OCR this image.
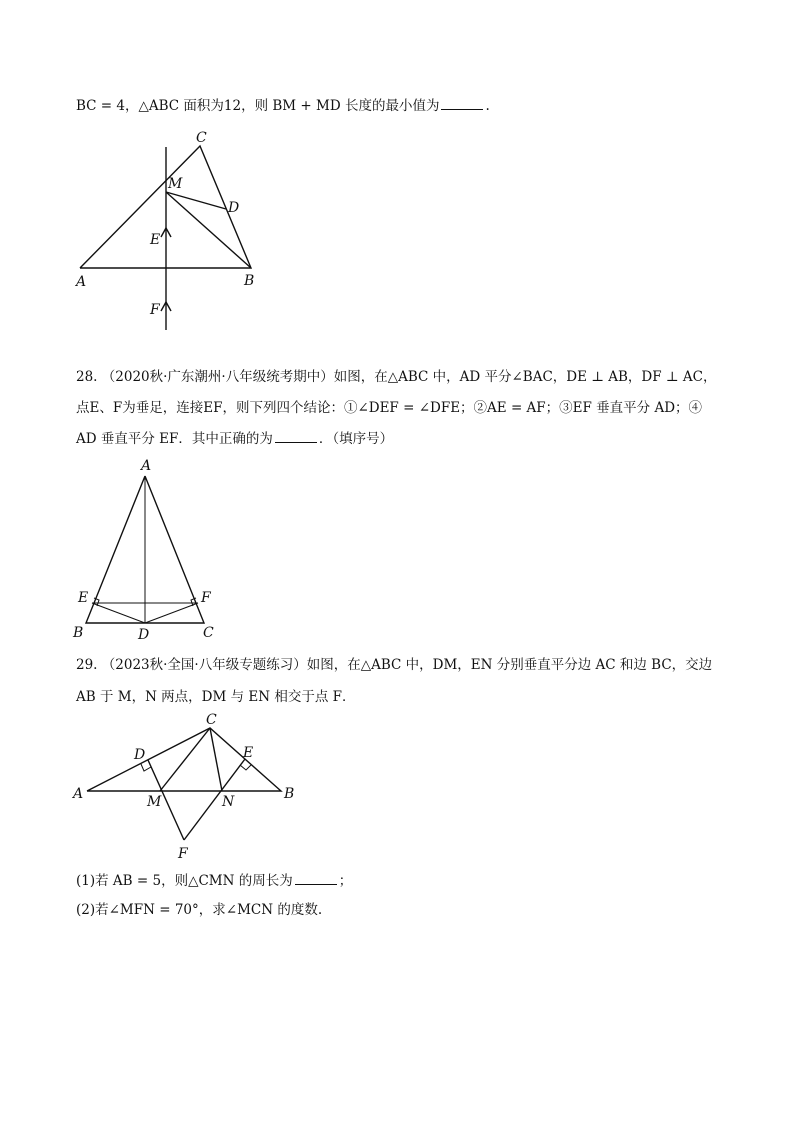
BC = 4，△ABC 面积为12，则 BM + MD 长度的最小值为	.
C
M
D
E
A	B
F
28. （2020秋·广东潮州·八年级统考期中）如图，在△ABC 中，AD 平分∠BAC，DE ⊥ AB，DF ⊥ AC，
点E、F为垂足，连接EF，则下列四个结论：①∠DEF = ∠DFE；②AE = AF；③EF 垂直平分 AD；④
AD 垂直平分 EF．其中正确的为	．（填序号）
A
E	F
B	D	C
29. （2023秋·全国·八年级专题练习）如图，在△ABC 中，DM，EN 分别垂直平分边 AC 和边 BC，交边
AB 于 M，N 两点，DM 与 EN 相交于点 F．
C
D	E
A	M	N	B
F
(1)若 AB = 5，则△CMN 的周长为	；
(2)若∠MFN = 70°，求∠MCN 的度数.
